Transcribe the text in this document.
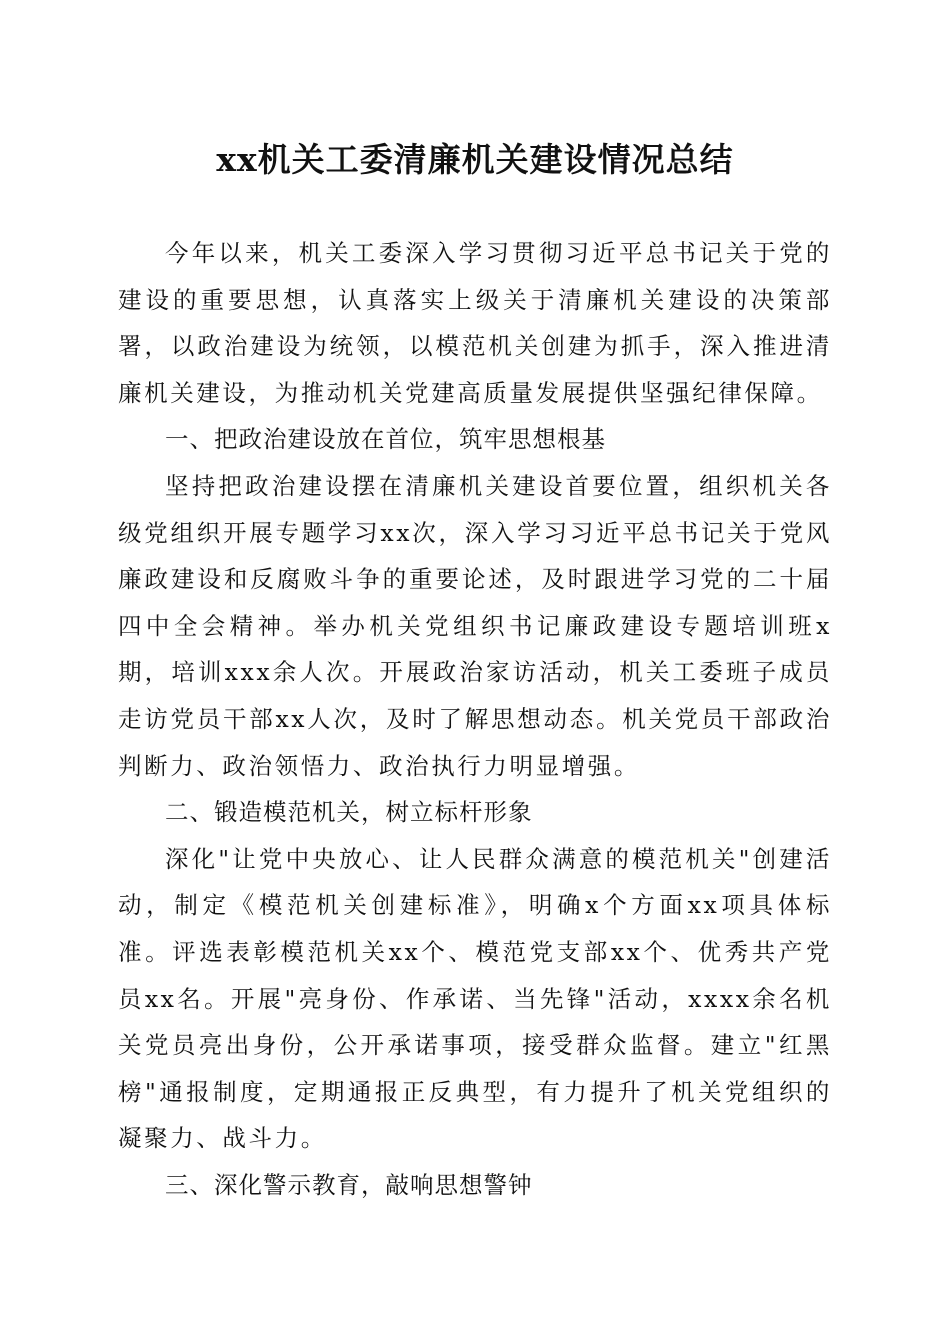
xx机关工委清廉机关建设情况总结

今年以来，机关工委深入学习贯彻习近平总书记关于党的建设的重要思想，认真落实上级关于清廉机关建设的决策部署，以政治建设为统领，以模范机关创建为抓手，深入推进清廉机关建设，为推动机关党建高质量发展提供坚强纪律保障。

一、把政治建设放在首位，筑牢思想根基

坚持把政治建设摆在清廉机关建设首要位置，组织机关各级党组织开展专题学习xx次，深入学习习近平总书记关于党风廉政建设和反腐败斗争的重要论述，及时跟进学习党的二十届四中全会精神。举办机关党组织书记廉政建设专题培训班x期，培训xxx余人次。开展政治家访活动，机关工委班子成员走访党员干部xx人次，及时了解思想动态。机关党员干部政治判断力、政治领悟力、政治执行力明显增强。

二、锻造模范机关，树立标杆形象

深化"让党中央放心、让人民群众满意的模范机关"创建活动，制定《模范机关创建标准》，明确x个方面xx项具体标准。评选表彰模范机关xx个、模范党支部xx个、优秀共产党员xx名。开展"亮身份、作承诺、当先锋"活动，xxxx余名机关党员亮出身份，公开承诺事项，接受群众监督。建立"红黑榜"通报制度，定期通报正反典型，有力提升了机关党组织的凝聚力、战斗力。

三、深化警示教育，敲响思想警钟
